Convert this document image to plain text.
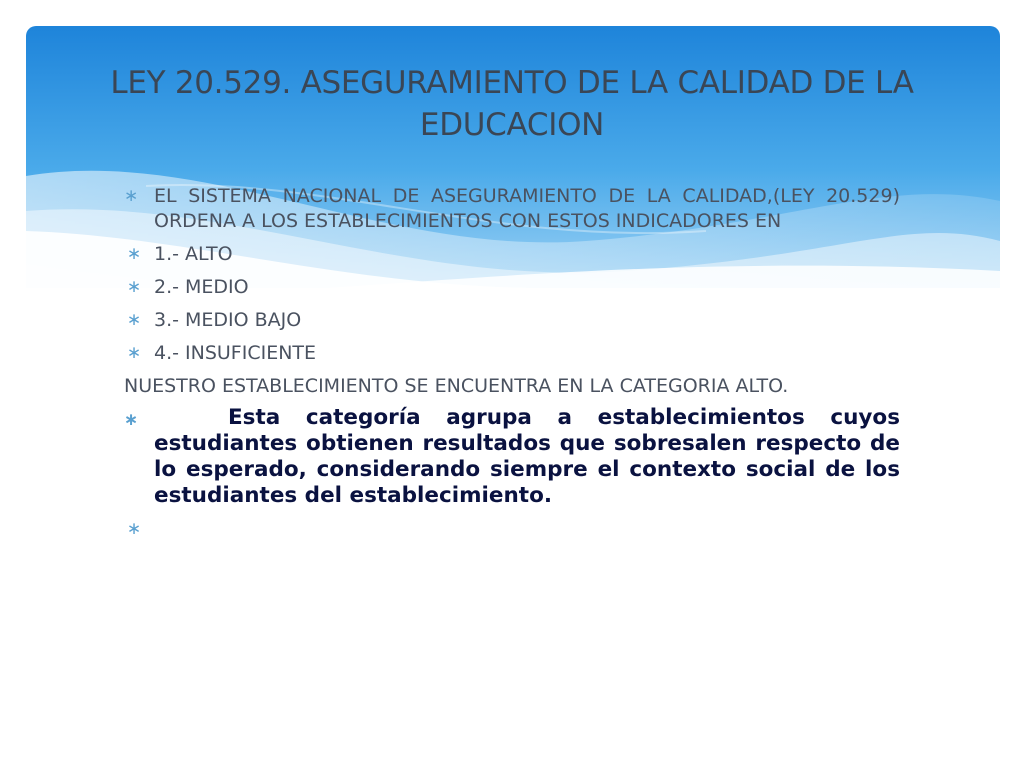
LEY 20.529. ASEGURAMIENTO DE LA CALIDAD DE LA EDUCACION
∗ EL SISTEMA NACIONAL DE ASEGURAMIENTO DE LA CALIDAD,(LEY 20.529) ORDENA A LOS ESTABLECIMIENTOS CON ESTOS INDICADORES EN
∗ 1.- ALTO
∗ 2.- MEDIO
∗ 3.- MEDIO BAJO
∗ 4.- INSUFICIENTE
NUESTRO ESTABLECIMIENTO SE ENCUENTRA EN LA CATEGORIA ALTO.
∗	Esta categoría agrupa a establecimientos cuyos estudiantes obtienen resultados que sobresalen respecto de lo esperado, considerando siempre el contexto social de los estudiantes del establecimiento.
∗
